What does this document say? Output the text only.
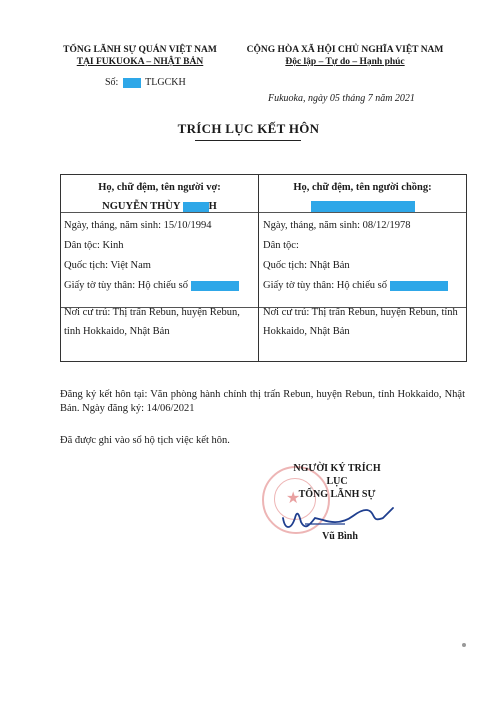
TỔNG LÃNH SỰ QUÁN VIỆT NAM
TẠI FUKUOKA – NHẬT BẢN
Số:	TLGCKH
CỘNG HÒA XÃ HỘI CHỦ NGHĨA VIỆT NAM
Độc lập – Tự do – Hạnh phúc
Fukuoka, ngày 05 tháng 7 năm 2021
TRÍCH LỤC KẾT HÔN
Họ, chữ đệm, tên người vợ:
NGUYỄN THÙY	H
Ngày, tháng, năm sinh: 15/10/1994
Dân tộc: Kinh
Quốc tịch: Việt Nam
Giấy tờ tùy thân: Hộ chiếu số
Nơi cư trú: Thị trấn Rebun, huyện Rebun, tỉnh Hokkaido, Nhật Bản
Họ, chữ đệm, tên người chồng:
Ngày, tháng, năm sinh: 08/12/1978
Dân tộc:
Quốc tịch: Nhật Bản
Giấy tờ tùy thân: Hộ chiếu số
Nơi cư trú: Thị trấn Rebun, huyện Rebun, tỉnh Hokkaido, Nhật Bản
Đăng ký kết hôn tại: Văn phòng hành chính thị trấn Rebun, huyện Rebun, tỉnh Hokkaido, Nhật Bản. Ngày đăng ký: 14/06/2021
Đã được ghi vào sổ hộ tịch việc kết hôn.
★
NGƯỜI KÝ TRÍCH LỤC
TỔNG LÃNH SỰ
Vũ Bình
